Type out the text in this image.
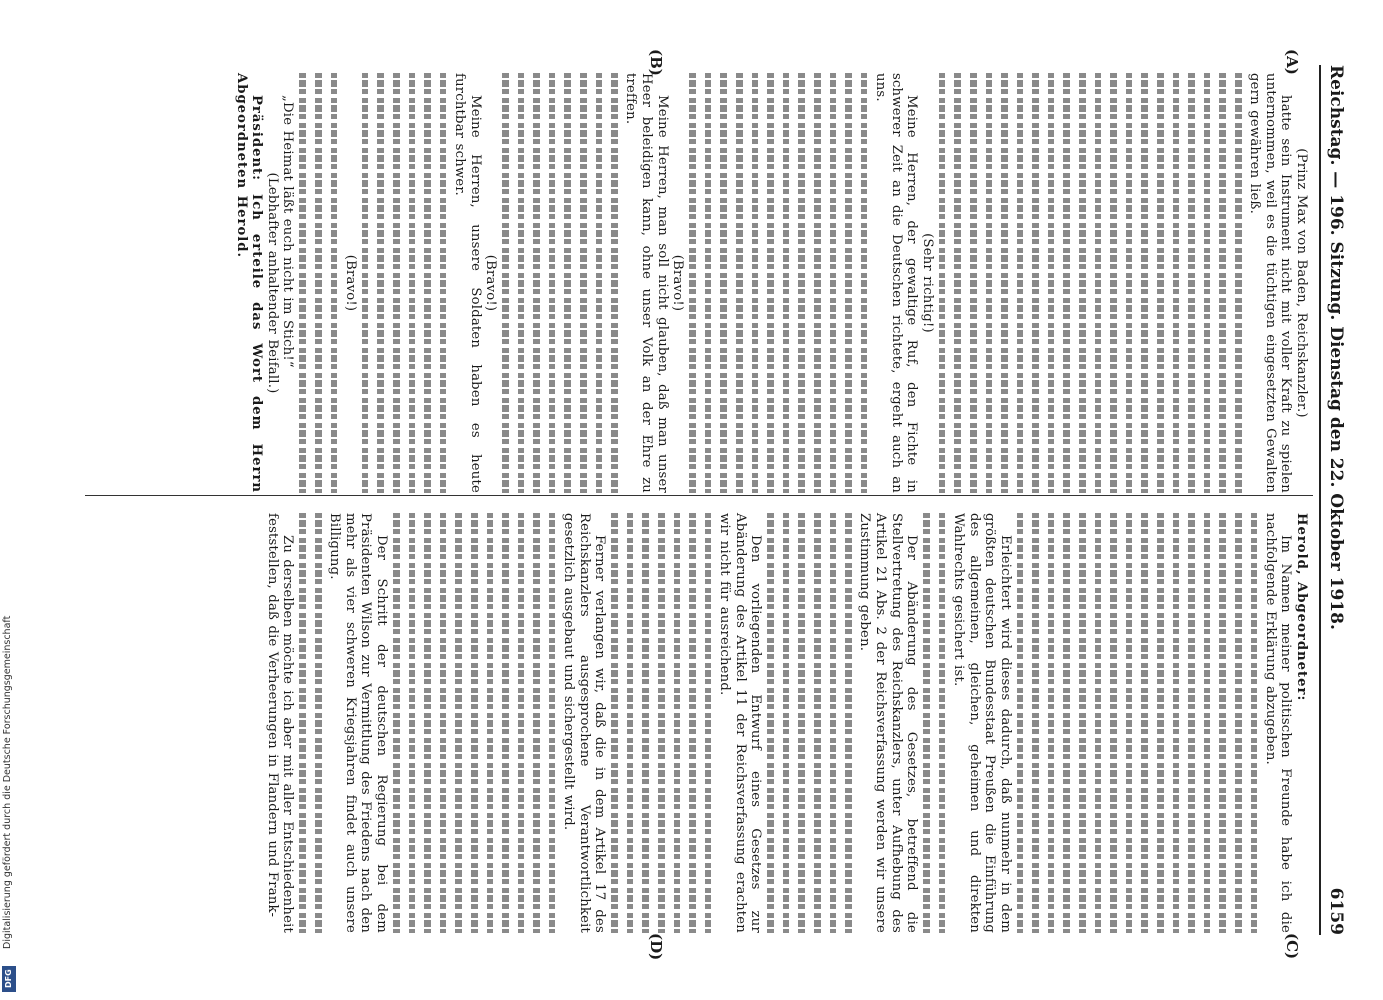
Digitalisierung gefördert durch die Deutsche Forschungsgemeinschaft
DFG
Reichstag. — 196. Sitzung. Dienstag den 22. Oktober 1918.
6159
(A)
(B)
(C)
(D)
(Prinz Max von Baden, Reichskanzler.)
hatte sein Instrument nicht mit voller Kraft zu spielen unternommen, weil es die tüchtigen eingesetzten Gewalten gern gewähren ließ.
(Sehr richtig!)
Meine Herren, der gewaltige Ruf, den Fichte in schwerer Zeit an die Deutschen richtete, ergeht auch an uns.
(Bravo!)
Meine Herren, man soll nicht glauben, daß man unser Heer beleidigen kann, ohne unser Volk an der Ehre zu treffen.
(Bravo!)
Meine Herren, unsere Soldaten haben es heute furchtbar schwer.
(Bravo!)
„Die Heimat läßt euch nicht im Stich!“
(Lebhafter anhaltender Beifall.)
Präsident: Ich erteile das Wort dem Herrn Abgeordneten Herold.
Herold, Abgeordneter:
Im Namen meiner politischen Freunde habe ich die nachfolgende Erklärung abzugeben.
Erleichtert wird dieses dadurch, daß nunmehr in dem größten deutschen Bundesstaat Preußen die Einführung des allgemeinen, gleichen, geheimen und direkten Wahlrechts gesichert ist.
Der Abänderung des Gesetzes, betreffend die Stellvertretung des Reichskanzlers, unter Aufhebung des Artikel 21 Abs. 2 der Reichsverfassung werden wir unsere Zustimmung geben.
Den vorliegenden Entwurf eines Gesetzes zur Abänderung des Artikel 11 der Reichsverfassung erachten wir nicht für ausreichend.
Ferner verlangen wir, daß die in dem Artikel 17 des Reichskanzlers ausgesprochene Verantwortlichkeit gesetzlich ausgebaut und sichergestellt wird.
Der Schritt der deutschen Regierung bei dem Präsidenten Wilson zur Vermittlung des Friedens nach den mehr als vier schweren Kriegsjahren findet auch unsere Billigung.
Zu derselben möchte ich aber mit aller Entschiedenheit feststellen, daß die Verheerungen in Flandern und Frank-
